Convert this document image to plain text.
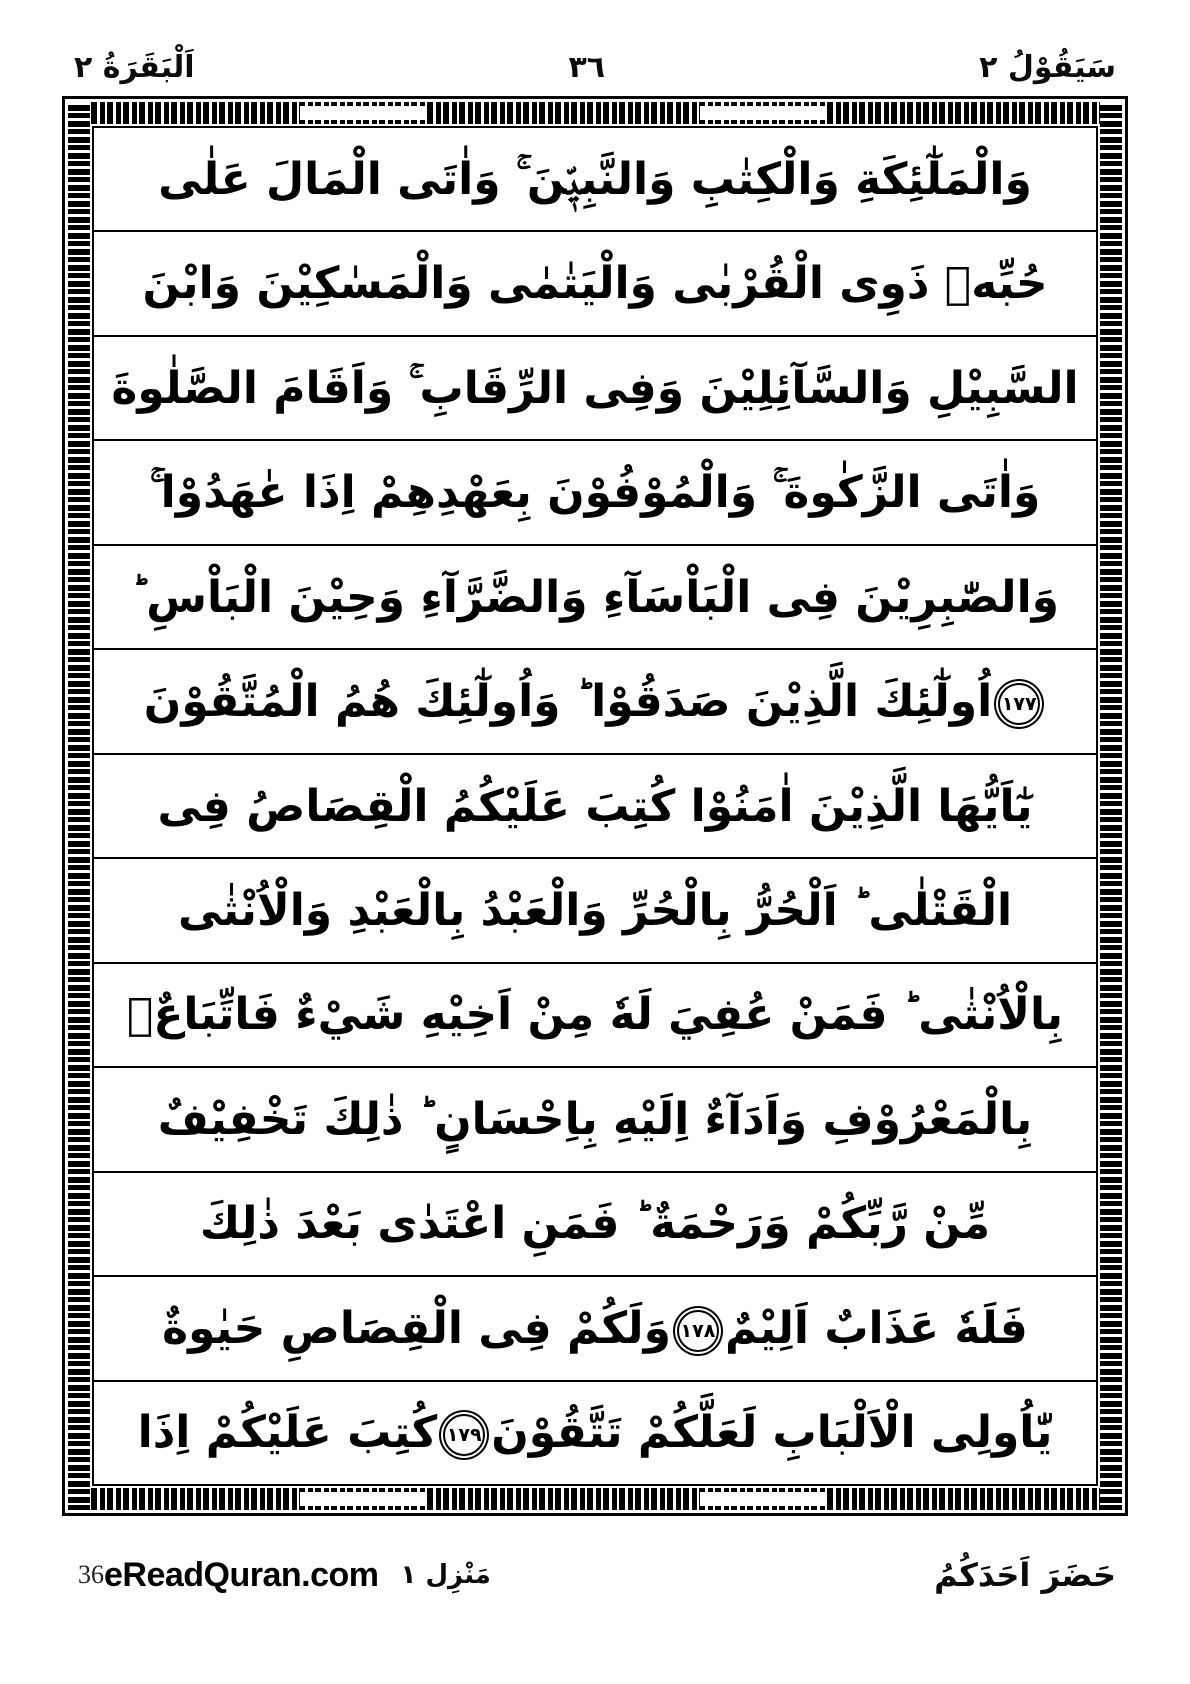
سَيَقُوْلُ ٢
٣٦
اَلْبَقَرَةُ ٢
وَالْمَلٰٓئِكَةِ وَالْكِتٰبِ وَالنَّبِيّٖنَ ۚ وَاٰتَى الْمَالَ عَلٰى
حُبِّهٖ ذَوِى الْقُرْبٰى وَالْيَتٰمٰى وَالْمَسٰكِيْنَ وَابْنَ
السَّبِيْلِ وَالسَّآئِلِيْنَ وَفِى الرِّقَابِ ۚ وَاَقَامَ الصَّلٰوةَ
وَاٰتَى الزَّكٰوةَ ۚ وَالْمُوْفُوْنَ بِعَهْدِهِمْ اِذَا عٰهَدُوْا ۚ
وَالصّٰبِرِيْنَ فِى الْبَاْسَآءِ وَالضَّرَّآءِ وَحِيْنَ الْبَاْسِ ؕ
١٧٧اُولٰٓئِكَ الَّذِيْنَ صَدَقُوْا ؕ وَاُولٰٓئِكَ هُمُ الْمُتَّقُوْنَ
يٰٓاَيُّهَا الَّذِيْنَ اٰمَنُوْا كُتِبَ عَلَيْكُمُ الْقِصَاصُ فِى
الْقَتْلٰى ؕ اَلْحُرُّ بِالْحُرِّ وَالْعَبْدُ بِالْعَبْدِ وَالْاُنْثٰى
بِالْاُنْثٰى ؕ فَمَنْ عُفِيَ لَهٗ مِنْ اَخِيْهِ شَيْءٌ فَاتِّبَاعٌۢ
بِالْمَعْرُوْفِ وَاَدَآءٌ اِلَيْهِ بِاِحْسَانٍ ؕ ذٰلِكَ تَخْفِيْفٌ
مِّنْ رَّبِّكُمْ وَرَحْمَةٌ ؕ فَمَنِ اعْتَدٰى بَعْدَ ذٰلِكَ
فَلَهٗ عَذَابٌ اَلِيْمٌ١٧٨وَلَكُمْ فِى الْقِصَاصِ حَيٰوةٌ
يّٰاُولِى الْاَلْبَابِ لَعَلَّكُمْ تَتَّقُوْنَ١٧٩كُتِبَ عَلَيْكُمْ اِذَا
حَضَرَ اَحَدَكُمُ
مَنْزِل ١
eReadQuran.com
36
